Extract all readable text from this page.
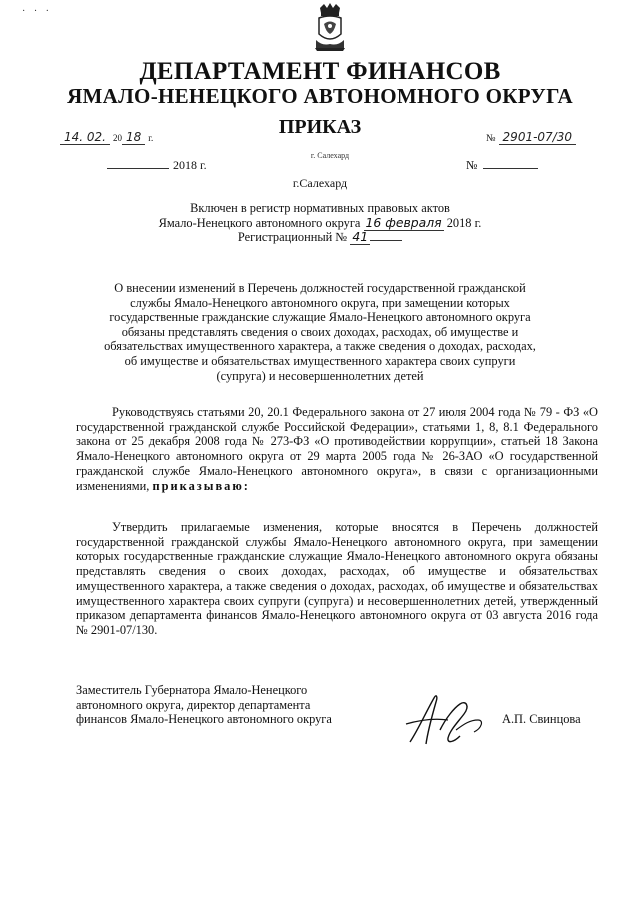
· · ·
ДЕПАРТАМЕНТ ФИНАНСОВ
ЯМАЛО-НЕНЕЦКОГО АВТОНОМНОГО ОКРУГА
ПРИКАЗ
14. 02. 20 18 г.	№ 2901-07/30
г. Салехард
2018 г.	№
г.Салехард
Включен в регистр нормативных правовых актов
Ямало-Ненецкого автономного округа 16 февраля 2018 г.
Регистрационный № 41
О внесении изменений в Перечень должностей государственной гражданской службы Ямало-Ненецкого автономного округа, при замещении которых государственные гражданские служащие Ямало-Ненецкого автономного округа обязаны представлять сведения о своих доходах, расходах, об имуществе и обязательствах имущественного характера, а также сведения о доходах, расходах, об имуществе и обязательствах имущественного характера своих супруги (супруга) и несовершеннолетних детей
Руководствуясь статьями 20, 20.1 Федерального закона от 27 июля 2004 года № 79 - ФЗ «О государственной гражданской службе Российской Федерации», статьями 1, 8, 8.1 Федерального закона от 25 декабря 2008 года № 273-ФЗ «О противодействии коррупции», статьей 18 Закона Ямало-Ненецкого автономного округа от 29 марта 2005 года № 26-ЗАО «О государственной гражданской службе Ямало-Ненецкого автономного округа», в связи с организационными изменениями, приказываю:
Утвердить прилагаемые изменения, которые вносятся в Перечень должностей государственной гражданской службы Ямало-Ненецкого автономного округа, при замещении которых государственные гражданские служащие Ямало-Ненецкого автономного округа обязаны представлять сведения о своих доходах, расходах, об имуществе и обязательствах имущественного характера, а также сведения о доходах, расходах, об имуществе и обязательствах имущественного характера своих супруги (супруга) и несовершеннолетних детей, утвержденный приказом департамента финансов Ямало-Ненецкого автономного округа от 03 августа 2016 года № 2901-07/130.
Заместитель Губернатора Ямало-Ненецкого
автономного округа, директор департамента
финансов Ямало-Ненецкого автономного округа	А.П. Свинцова
